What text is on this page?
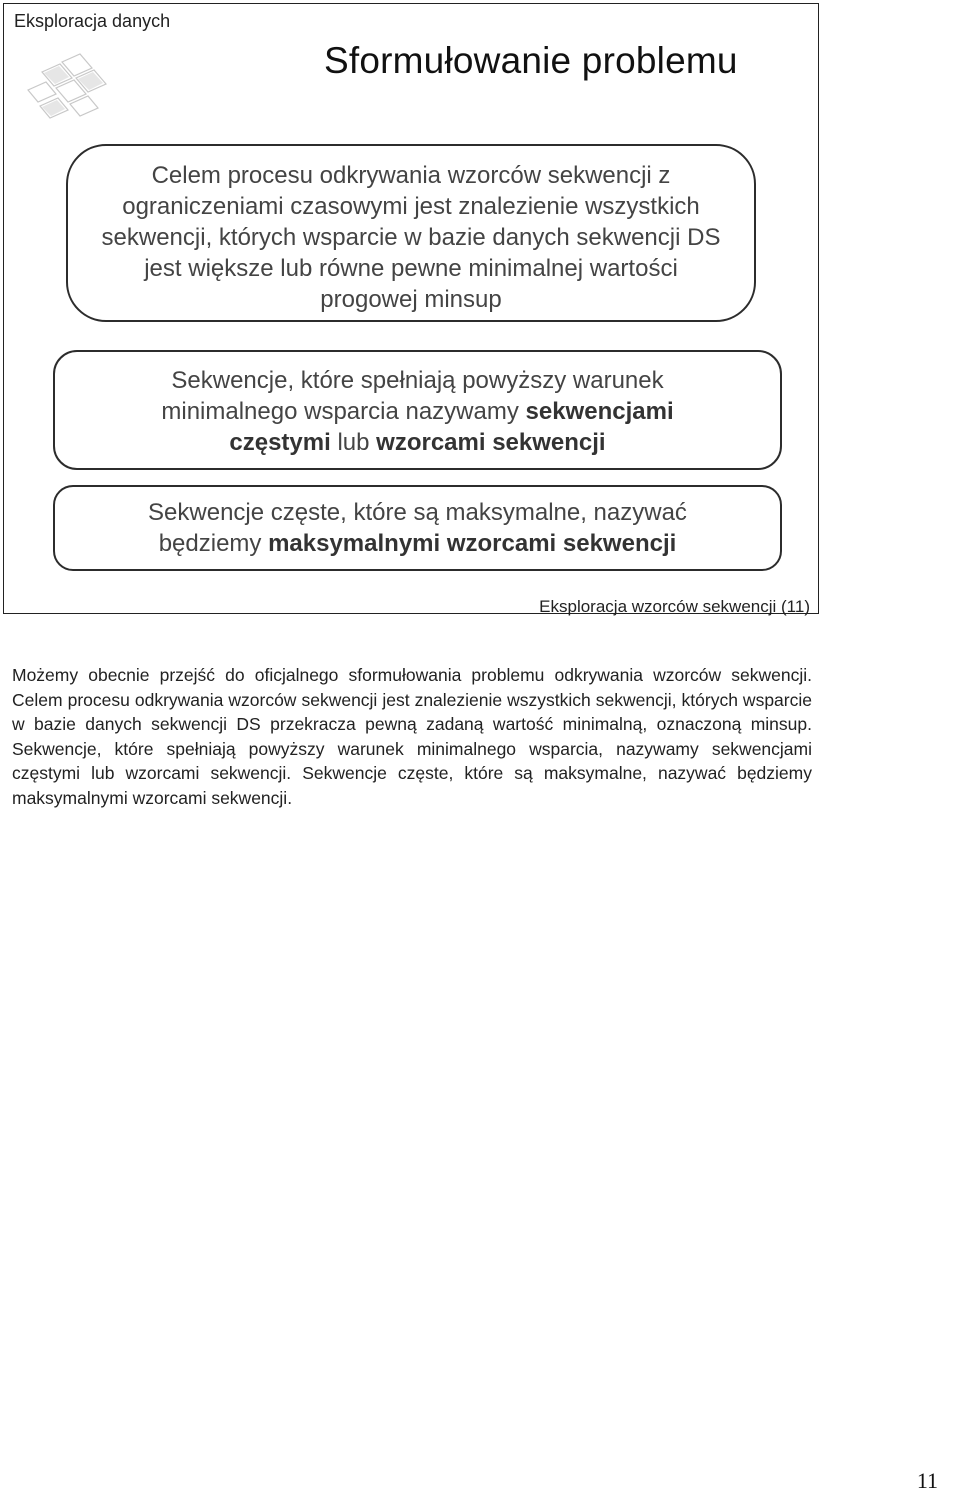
Eksploracja danych
Sformułowanie problemu
Celem procesu odkrywania wzorców sekwencji z
ograniczeniami czasowymi jest znalezienie wszystkich
sekwencji, których wsparcie w bazie danych sekwencji DS
jest większe lub równe pewne minimalnej wartości
progowej minsup
Sekwencje, które spełniają powyższy warunek
minimalnego wsparcia nazywamy sekwencjami
częstymi lub wzorcami sekwencji
Sekwencje częste, które są maksymalne, nazywać
będziemy maksymalnymi wzorcami sekwencji
Eksploracja wzorców sekwencji (11)
Możemy obecnie przejść do oficjalnego sformułowania problemu odkrywania wzorców sekwencji. Celem procesu odkrywania wzorców sekwencji jest znalezienie wszystkich sekwencji, których wsparcie w bazie danych sekwencji DS przekracza pewną zadaną wartość minimalną, oznaczoną minsup. Sekwencje, które spełniają powyższy warunek minimalnego wsparcia, nazywamy sekwencjami częstymi lub wzorcami sekwencji. Sekwencje częste, które są maksymalne, nazywać będziemy maksymalnymi wzorcami sekwencji.
11
